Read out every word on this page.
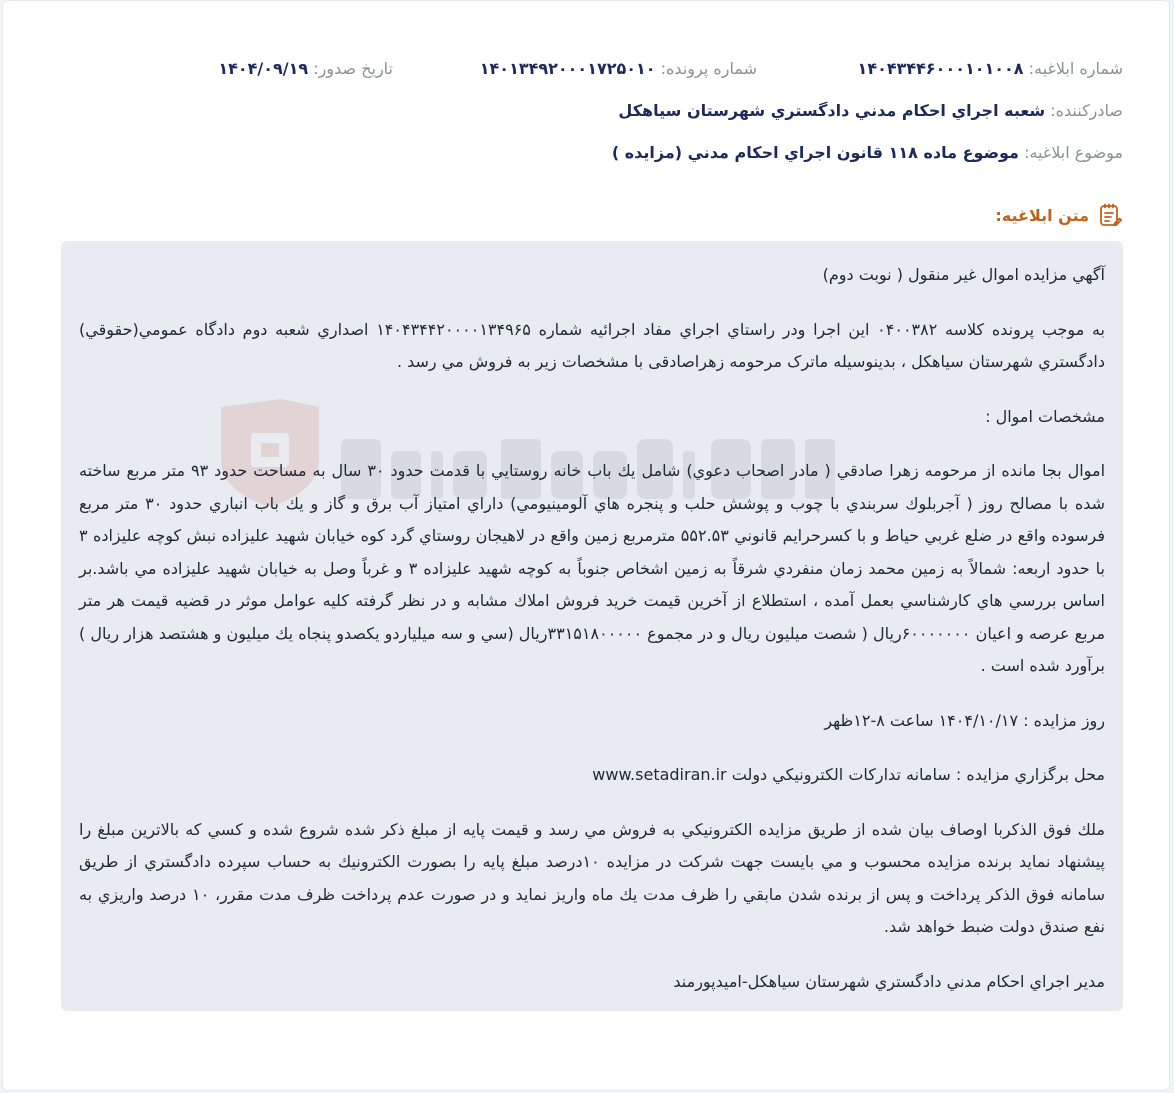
شماره ابلاغیه: ۱۴۰۴۳۴۴۶۰۰۰۱۰۱۰۰۸
شماره پرونده: ۱۴۰۱۳۴۹۲۰۰۰۱۷۲۵۰۱۰
تاریخ صدور: ۱۴۰۴/۰۹/۱۹
صادرکننده: شعبه اجراي احكام مدني دادگستري شهرستان سياهكل
موضوع ابلاغیه: موضوع ماده ۱۱۸ قانون اجراي احكام مدني (مزايده )
متن ابلاغیه:

آگهي مزايده اموال غير منقول ( نوبت دوم)

به موجب پرونده كلاسه ۰۴۰۰۳۸۲ اين اجرا ودر راستاي اجراي مفاد اجرائيه شماره ۱۴۰۴۳۴۴۲۰۰۰۰۱۳۴۹۶۵ اصداري شعبه دوم دادگاه عمومي(حقوقي) دادگستري شهرستان سياهكل ، بدينوسيله ماترک مرحومه زهراصادقی با مشخصات زير به فروش مي رسد .

مشخصات اموال :

اموال بجا مانده از مرحومه زهرا صادقي ( مادر اصحاب دعوي) شامل يك باب خانه روستايي با قدمت حدود ۳۰ سال به مساحت حدود ۹۳ متر مربع ساخته شده با مصالح روز ( آجربلوك سربندي با چوب و پوشش حلب و پنجره هاي آلومينيومي) داراي امتياز آب برق و گاز و يك باب انباري حدود ۳۰ متر مربع فرسوده واقع در ضلع غربي حياط و با كسرحرايم قانوني ۵۵۲.۵۳ مترمربع زمين واقع در لاهيجان روستاي گرد كوه خيابان شهيد عليزاده نبش كوچه عليزاده ۳ با حدود اربعه: شمالاً به زمين محمد زمان منفردي شرقاً به زمين اشخاص جنوباً به كوچه شهيد عليزاده ۳ و غرباً وصل به خيابان شهيد عليزاده مي باشد.بر اساس بررسي هاي كارشناسي بعمل آمده ، استطلاع از آخرين قيمت خريد فروش املاك مشابه و در نظر گرفته كليه عوامل موثر در قضيه قيمت هر متر مربع عرصه و اعيان ۶۰۰۰۰۰۰۰ريال ( شصت ميليون ريال و در مجموع ۳۳۱۵۱۸۰۰۰۰۰ريال (سي و سه ميلياردو يكصدو پنجاه يك ميليون و هشتصد هزار ريال ) برآورد شده است .

روز مزايده : ۱۴۰۴/۱۰/۱۷ ساعت ۸-۱۲ظهر

محل برگزاري مزايده : سامانه تداركات الكترونيكي دولت www.setadiran.ir

ملك فوق الذكربا اوصاف بيان شده از طريق مزايده الكترونيكي به فروش مي رسد و قيمت پايه از مبلغ ذكر شده شروع شده و كسي كه بالاترين مبلغ را پيشنهاد نمايد برنده مزايده محسوب و مي بايست جهت شركت در مزايده ۱۰درصد مبلغ پايه را بصورت الكترونيك به حساب سپرده دادگستري از طريق سامانه فوق الذكر پرداخت و پس از برنده شدن مابقي را ظرف مدت يك ماه واريز نمايد و در صورت عدم پرداخت ظرف مدت مقرر، ۱۰ درصد واريزي به نفع صندق دولت ضبط خواهد شد.

مدير اجراي احكام مدني دادگستري شهرستان سياهكل-اميدپورمند
